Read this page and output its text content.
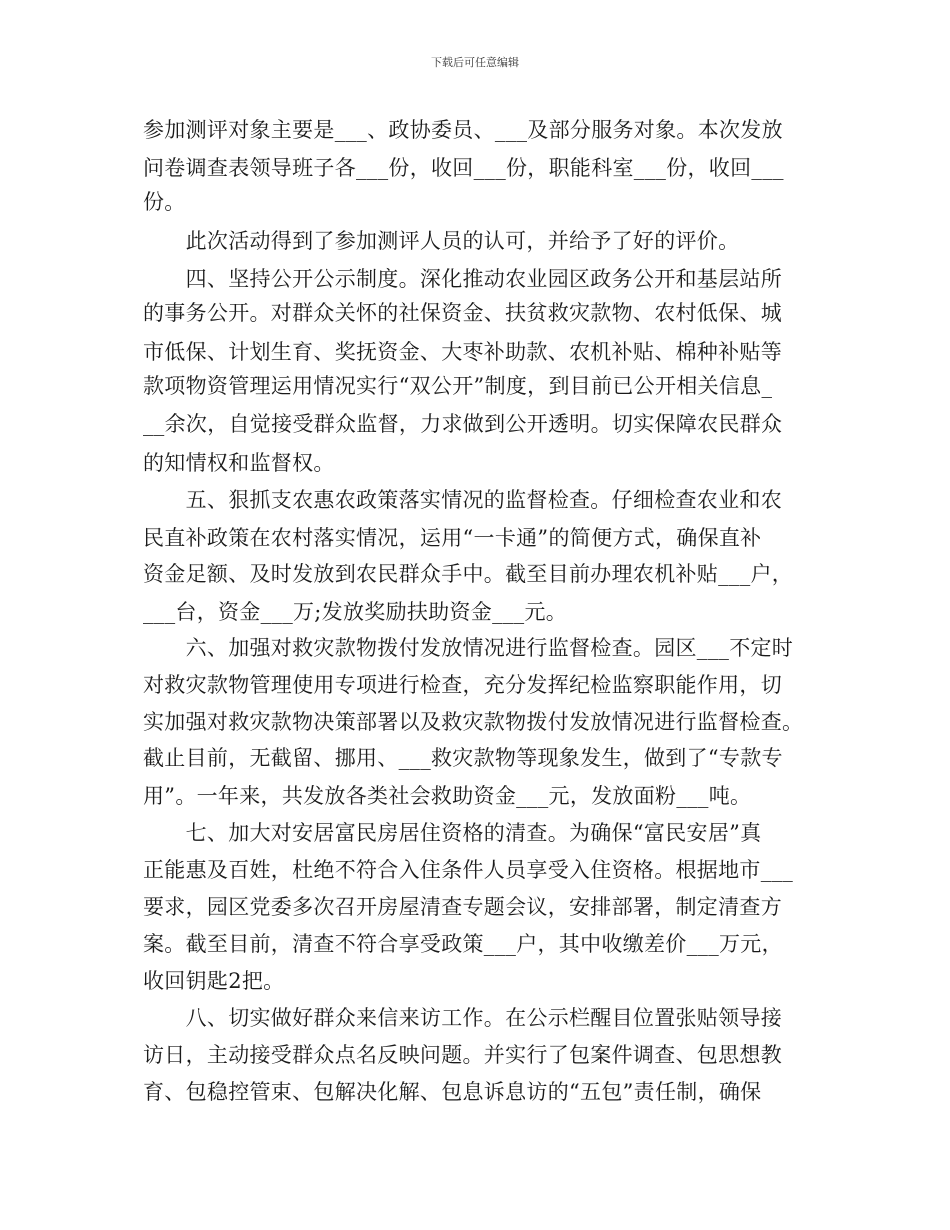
下载后可任意编辑
参加测评对象主要是___、政协委员、___及部分服务对象。本次发放
问卷调查表领导班子各___份，收回___份，职能科室___份，收回___
份。
　　此次活动得到了参加测评人员的认可，并给予了好的评价。
　　四、坚持公开公示制度。深化推动农业园区政务公开和基层站所
的事务公开。对群众关怀的社保资金、扶贫救灾款物、农村低保、城
市低保、计划生育、奖抚资金、大枣补助款、农机补贴、棉种补贴等
款项物资管理运用情况实行“双公开”制度，到目前已公开相关信息_
__余次，自觉接受群众监督，力求做到公开透明。切实保障农民群众
的知情权和监督权。
　　五、狠抓支农惠农政策落实情况的监督检查。仔细检查农业和农
民直补政策在农村落实情况，运用“一卡通”的简便方式，确保直补
资金足额、及时发放到农民群众手中。截至目前办理农机补贴___户，
___台，资金___万;发放奖励扶助资金___元。
　　六、加强对救灾款物拨付发放情况进行监督检查。园区___不定时
对救灾款物管理使用专项进行检查，充分发挥纪检监察职能作用，切
实加强对救灾款物决策部署以及救灾款物拨付发放情况进行监督检查。
截止目前，无截留、挪用、___救灾款物等现象发生，做到了“专款专
用”。一年来，共发放各类社会救助资金___元，发放面粉___吨。
　　七、加大对安居富民房居住资格的清查。为确保“富民安居”真
正能惠及百姓，杜绝不符合入住条件人员享受入住资格。根据地市___
要求，园区党委多次召开房屋清查专题会议，安排部署，制定清查方
案。截至目前，清查不符合享受政策___户，其中收缴差价___万元，
收回钥匙2把。
　　八、切实做好群众来信来访工作。在公示栏醒目位置张贴领导接
访日，主动接受群众点名反映问题。并实行了包案件调查、包思想教
育、包稳控管束、包解决化解、包息诉息访的“五包”责任制，确保
